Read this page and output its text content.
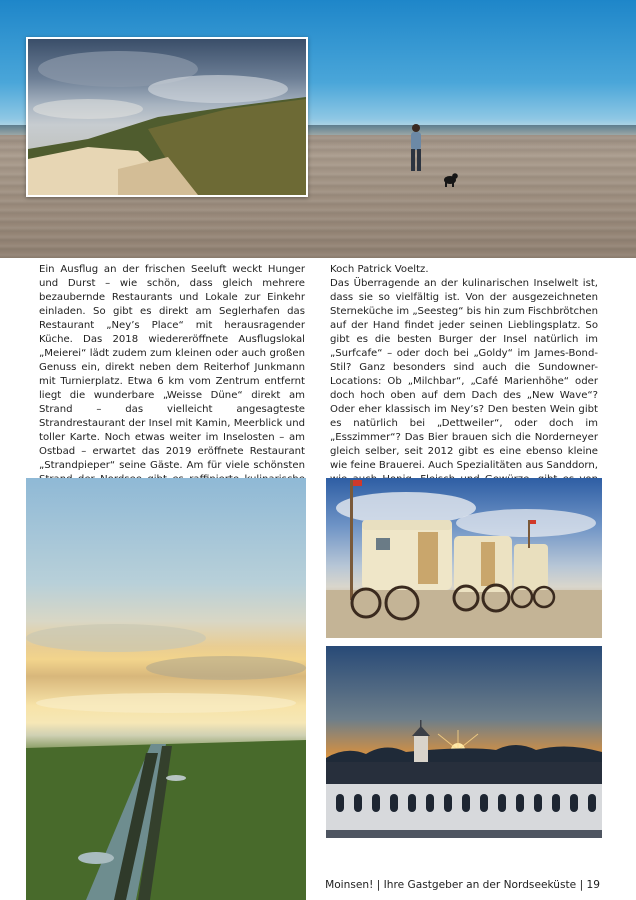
Ein Ausflug an der frischen Seeluft weckt Hunger und Durst – wie schön, dass gleich mehrere bezaubernde Restaurants und Lokale zur Einkehr einladen. So gibt es direkt am Seglerhafen das Restaurant „Ney’s Place“ mit herausragender Küche. Das 2018 wiedereröffnete Ausflugslokal „Meierei“ lädt zudem zum kleinen oder auch großen Genuss ein, direkt neben dem Reiterhof Junkmann mit Turnierplatz. Etwa 6 km vom Zentrum entfernt liegt die wunderbare „Weisse Düne“ direkt am Strand – das vielleicht angesagteste Strandrestaurant der Insel mit Kamin, Meerblick und toller Karte. Noch etwas weiter im Inselosten – am Ostbad – erwartet das 2019 eröffnete Restaurant „Strandpieper“ seine Gäste. Am für viele schönsten

Koch Patrick Voeltz.

Das Überragende an der kulinarischen Inselwelt ist, dass sie so vielfältig ist. Von der ausgezeichneten Sterneküche im „Seesteg“ bis hin zum Fischbrötchen auf der Hand findet jeder seinen Lieblingsplatz. So gibt es die besten Burger der Insel natürlich im „Surfcafe“ – oder doch bei „Goldy“ im James-Bond-Stil? Ganz besonders sind auch die Sundowner-Locations: Ob „Milchbar“, „Café Marienhöhe“ oder doch hoch oben auf dem Dach des „New Wave“? Oder eher klassisch im Ney’s? Den besten Wein gibt es natürlich bei „Dettweiler“, oder doch im „Esszimmer“? Das Bier brauen sich die Norderneyer gleich selber, seit 2012 gibt es eine ebenso kleine wie feine Brauerei. Auch Spezialitäten aus Sanddorn,

Moinsen! | Ihre Gastgeber an der Nordseeküste | 19
